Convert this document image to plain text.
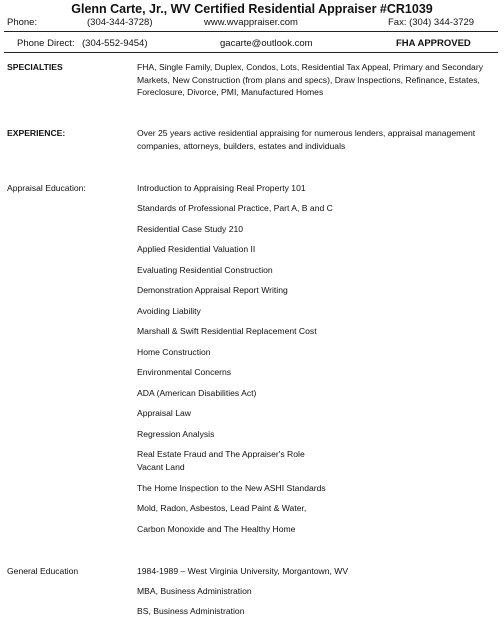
Glenn Carte, Jr., WV Certified Residential Appraiser #CR1039
Phone:	(304-344-3728)	www.wvappraiser.com	Fax: (304) 344-3729
Phone Direct: (304-552-9454)	gacarte@outlook.com	FHA APPROVED
SPECIALTIES	FHA, Single Family, Duplex, Condos, Lots, Residential Tax Appeal, Primary and Secondary Markets, New Construction (from plans and specs), Draw Inspections, Refinance, Estates, Foreclosure, Divorce, PMI, Manufactured Homes
EXPERIENCE:	Over 25 years active residential appraising for numerous lenders, appraisal management companies, attorneys, builders, estates and individuals
Appraisal Education:	Introduction to Appraising Real Property 101
Standards of Professional Practice, Part A, B and C
Residential Case Study 210
Applied Residential Valuation II
Evaluating Residential Construction
Demonstration Appraisal Report Writing
Avoiding Liability
Marshall & Swift Residential Replacement Cost
Home Construction
Environmental Concerns
ADA (American Disabilities Act)
Appraisal Law
Regression Analysis
Real Estate Fraud and The Appraiser's Role
Vacant Land
The Home Inspection to the New ASHI Standards
Mold, Radon, Asbestos, Lead Paint & Water,
Carbon Monoxide and The Healthy Home
General Education	1984-1989 – West Virginia University, Morgantown, WV
MBA, Business Administration
BS, Business Administration
